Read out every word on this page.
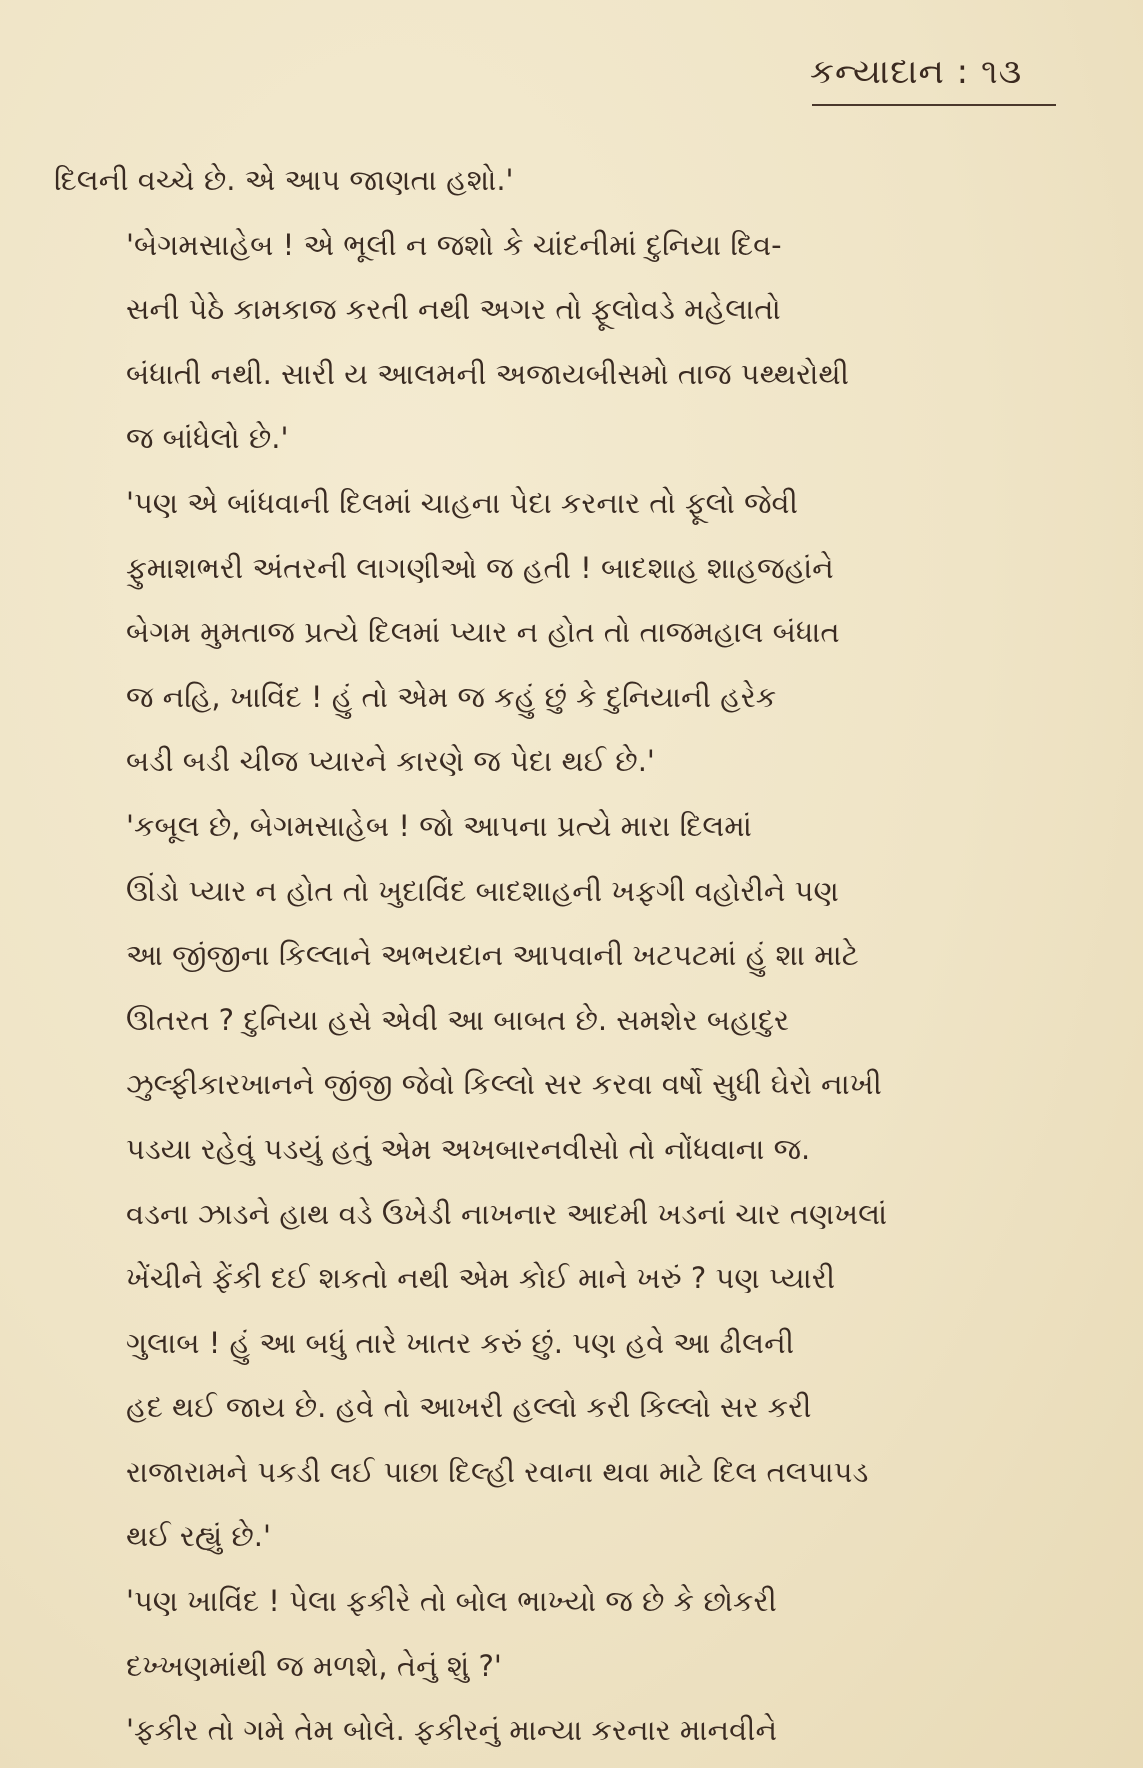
કન્યાદાન : ૧૩
દિલની વચ્ચે છે. એ આપ જાણતા હશો.'
'બેગમસાહેબ ! એ ભૂલી ન જશો કે ચાંદનીમાં દુનિયા દિવ-
સની પેઠે કામકાજ કરતી નથી અગર તો ફૂલોવડે મહેલાતો
બંધાતી નથી. સારી ય આલમની અજાયબીસમો તાજ પથ્થરોથી
જ બાંધેલો છે.'
'પણ એ બાંધવાની દિલમાં ચાહના પેદા કરનાર તો ફૂલો જેવી
ફુમાશભરી અંતરની લાગણીઓ જ હતી ! બાદશાહ શાહજહાંને
બેગમ મુમતાજ પ્રત્યે દિલમાં પ્યાર ન હોત તો તાજમહાલ બંધાત
જ નહિ, ખાવિંદ ! હું તો એમ જ કહું છું કે દુનિયાની હરેક
બડી બડી ચીજ પ્યારને કારણે જ પેદા થઈ છે.'
'કબૂલ છે, બેગમસાહેબ ! જો આપના પ્રત્યે મારા દિલમાં
ઊંડો પ્યાર ન હોત તો ખુદાવિંદ બાદશાહની ખફગી વહોરીને પણ
આ જીંજીના કિલ્લાને અભયદાન આપવાની ખટપટમાં હું શા માટે
ઊતરત ? દુનિયા હસે એવી આ બાબત છે. સમશેર બહાદુર
ઝુલ્ફીકારખાનને જીંજી જેવો કિલ્લો સર કરવા વર્ષો સુધી ઘેરો નાખી
પડયા રહેવું પડયું હતું એમ અખબારનવીસો તો નોંધવાના જ.
વડના ઝાડને હાથ વડે ઉખેડી નાખનાર આદમી ખડનાં ચાર તણખલાં
ખેંચીને ફેંકી દઈ શકતો નથી એમ કોઈ માને ખરું ? પણ પ્યારી
ગુલાબ ! હું આ બધું તારે ખાતર કરું છું. પણ હવે આ ઢીલની
હદ થઈ જાય છે. હવે તો આખરી હલ્લો કરી કિલ્લો સર કરી
રાજારામને પકડી લઈ પાછા દિલ્હી રવાના થવા માટે દિલ તલપાપડ
થઈ રહ્યું છે.'
'પણ ખાવિંદ ! પેલા ફકીરે તો બોલ ભાખ્યો જ છે કે છોકરી
દખ્ખણમાંથી જ મળશે, તેનું શું ?'
'ફકીર તો ગમે તેમ બોલે. ફકીરનું માન્યા કરનાર માનવીને
